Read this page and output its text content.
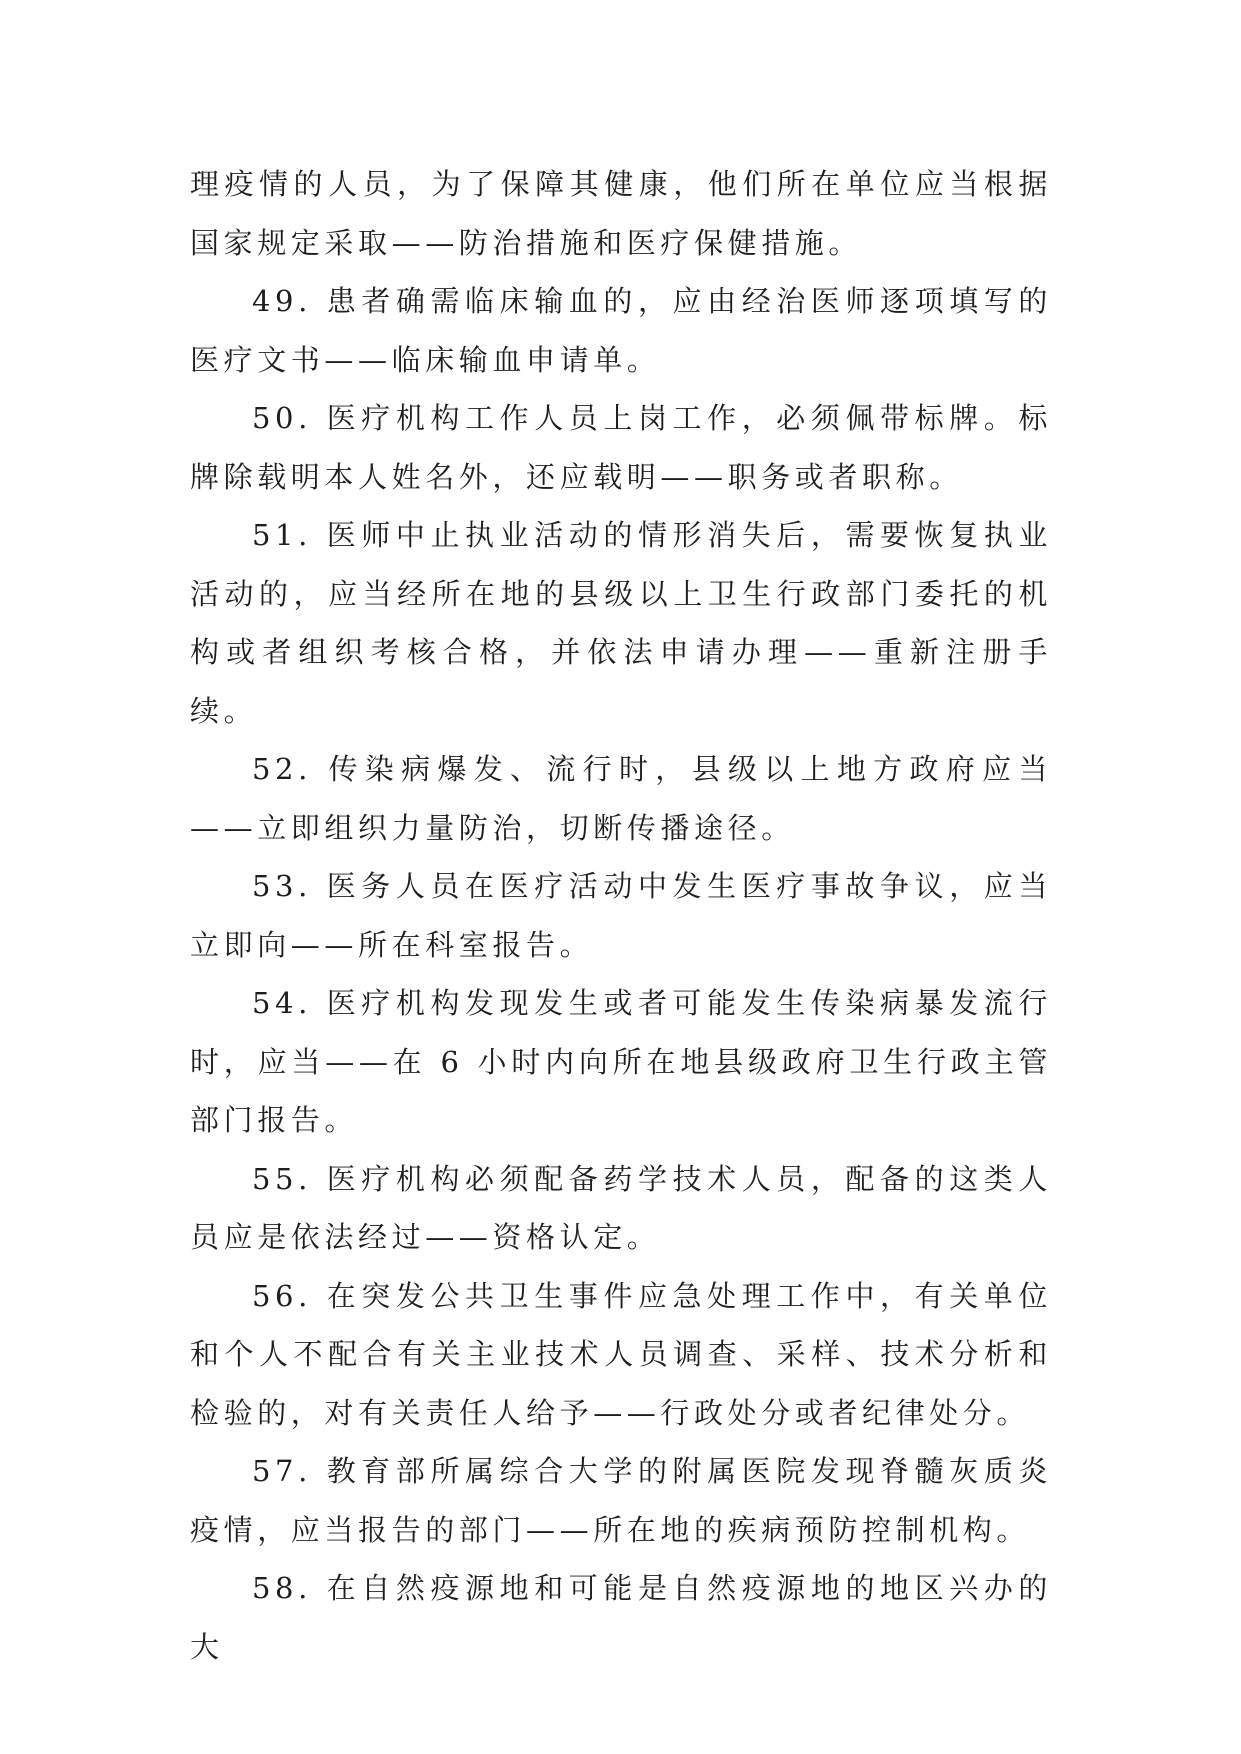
理疫情的人员，为了保障其健康，他们所在单位应当根据国家规定采取——防治措施和医疗保健措施。

49. 患者确需临床输血的，应由经治医师逐项填写的医疗文书——临床输血申请单。

50. 医疗机构工作人员上岗工作，必须佩带标牌。标牌除载明本人姓名外，还应载明——职务或者职称。

51. 医师中止执业活动的情形消失后，需要恢复执业活动的，应当经所在地的县级以上卫生行政部门委托的机构或者组织考核合格，并依法申请办理——重新注册手续。

52. 传染病爆发、流行时，县级以上地方政府应当——立即组织力量防治，切断传播途径。

53. 医务人员在医疗活动中发生医疗事故争议，应当立即向——所在科室报告。

54. 医疗机构发现发生或者可能发生传染病暴发流行时，应当——在 6 小时内向所在地县级政府卫生行政主管部门报告。

55. 医疗机构必须配备药学技术人员，配备的这类人员应是依法经过——资格认定。

56. 在突发公共卫生事件应急处理工作中，有关单位和个人不配合有关主业技术人员调查、采样、技术分析和检验的，对有关责任人给予——行政处分或者纪律处分。

57. 教育部所属综合大学的附属医院发现脊髓灰质炎疫情，应当报告的部门——所在地的疾病预防控制机构。

58. 在自然疫源地和可能是自然疫源地的地区兴办的大
